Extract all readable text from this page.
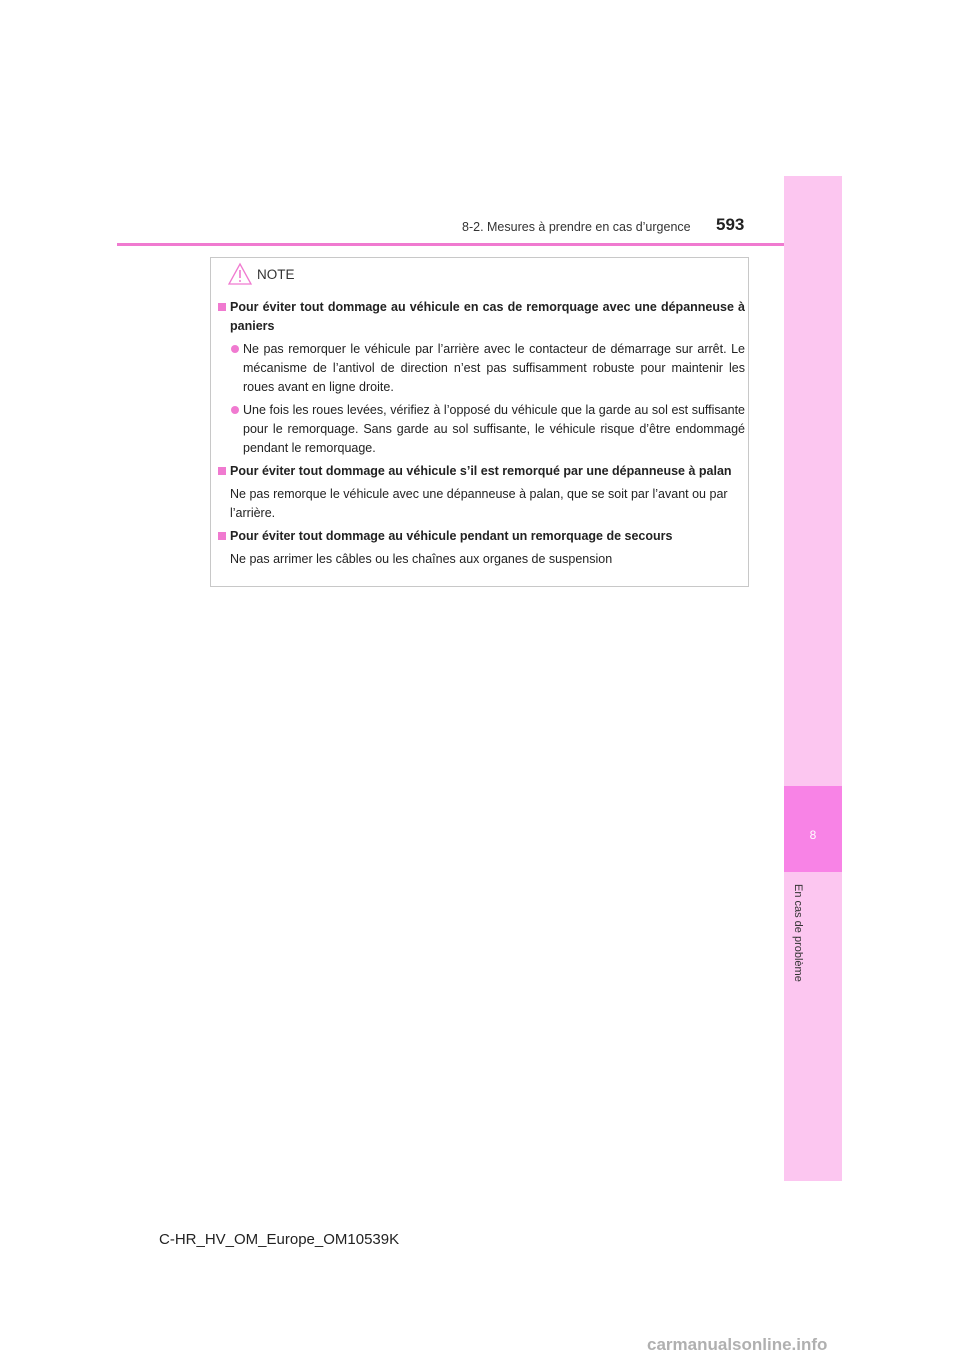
8-2. Mesures à prendre en cas d’urgence 593
8
En cas de problème
NOTE
Pour éviter tout dommage au véhicule en cas de remorquage avec une dépanneuse à paniers
Ne pas remorquer le véhicule par l’arrière avec le contacteur de démarrage sur arrêt. Le mécanisme de l’antivol de direction n’est pas suffisamment robuste pour maintenir les roues avant en ligne droite.
Une fois les roues levées, vérifiez à l’opposé du véhicule que la garde au sol est suffisante pour le remorquage. Sans garde au sol suffisante, le véhicule risque d’être endommagé pendant le remorquage.
Pour éviter tout dommage au véhicule s’il est remorqué par une dépanneuse à palan
Ne pas remorque le véhicule avec une dépanneuse à palan, que se soit par l’avant ou par l’arrière.
Pour éviter tout dommage au véhicule pendant un remorquage de secours
Ne pas arrimer les câbles ou les chaînes aux organes de suspension
C-HR_HV_OM_Europe_OM10539K
carmanualsonline.info
